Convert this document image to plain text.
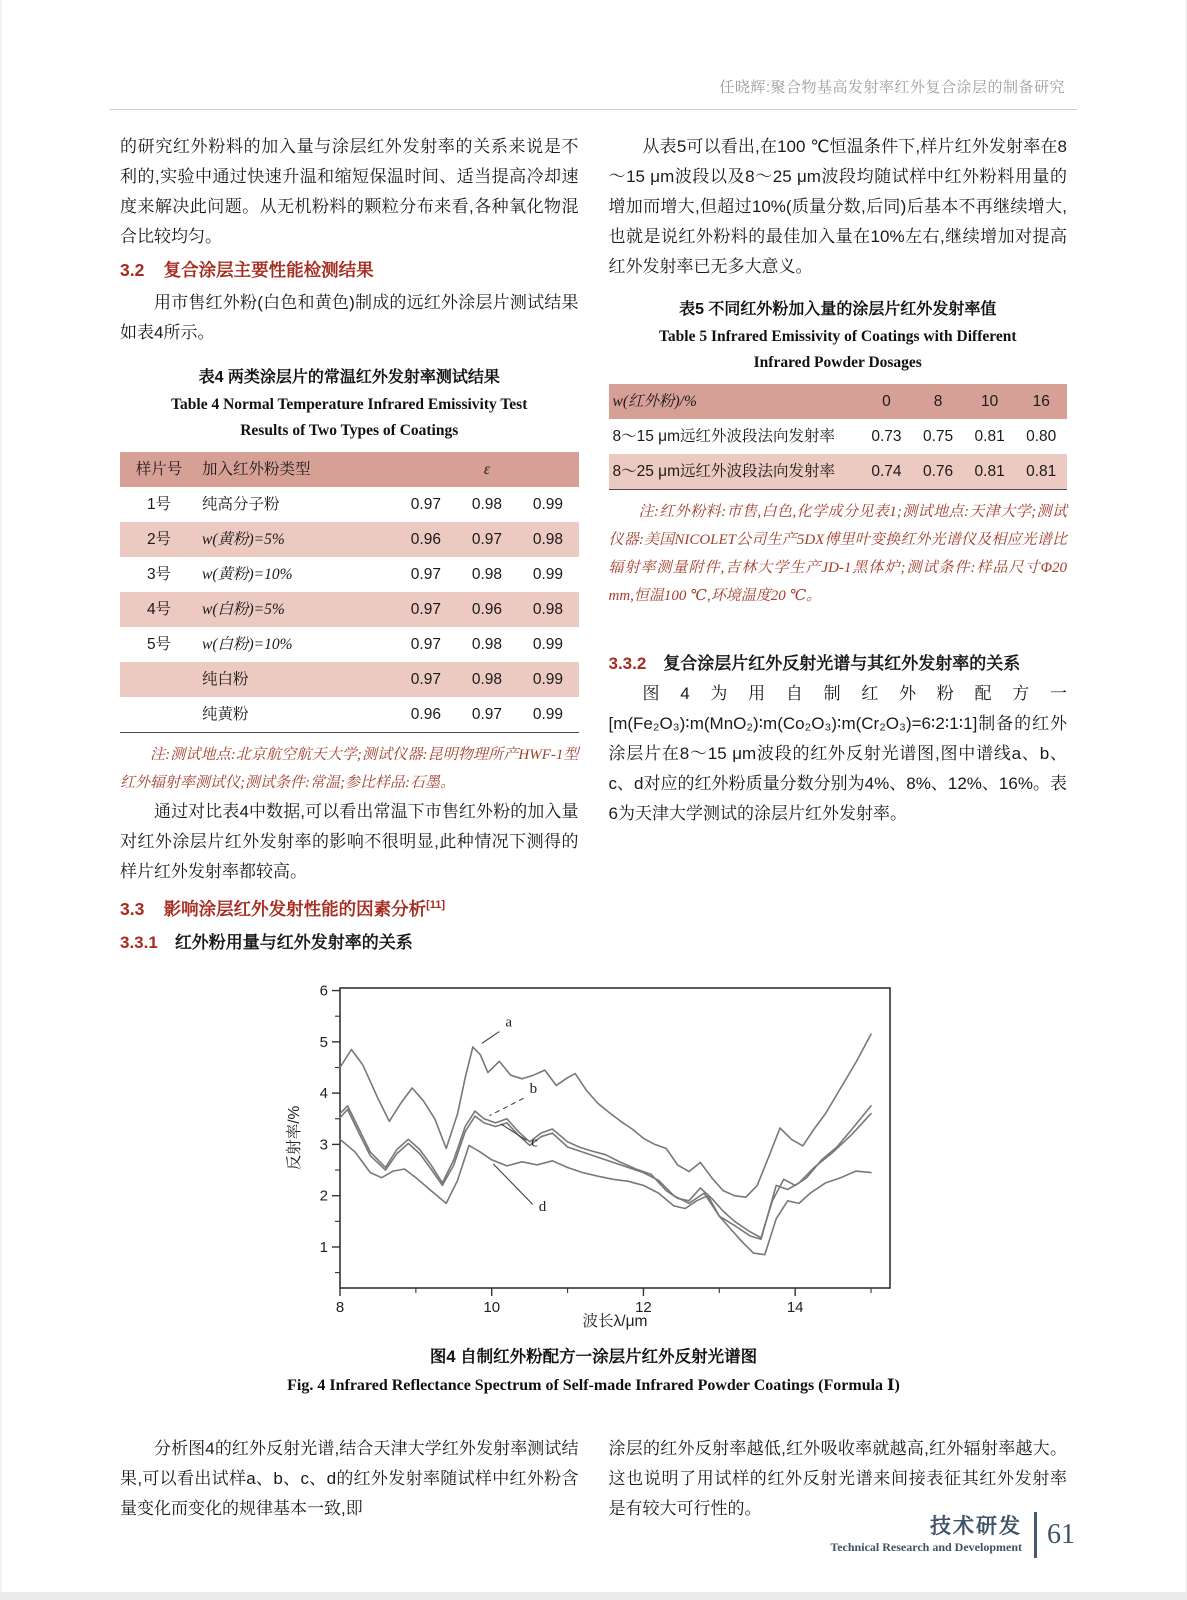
任晓辉:聚合物基高发射率红外复合涂层的制备研究

的研究红外粉料的加入量与涂层红外发射率的关系来说是不利的,实验中通过快速升温和缩短保温时间、适当提高冷却速度来解决此问题。从无机粉料的颗粒分布来看,各种氧化物混合比较均匀。

3.2 复合涂层主要性能检测结果

用市售红外粉(白色和黄色)制成的远红外涂层片测试结果如表4所示。

表4 两类涂层片的常温红外发射率测试结果
Table 4 Normal Temperature Infrared Emissivity Test
Results of Two Types of Coatings
样片号	加入红外粉类型	ε		
1号	纯高分子粉	0.97	0.98	0.99
2号	w(黄粉)=5%	0.96	0.97	0.98
3号	w(黄粉)=10%	0.97	0.98	0.99
4号	w(白粉)=5%	0.97	0.96	0.98
5号	w(白粉)=10%	0.97	0.98	0.99
	纯白粉	0.97	0.98	0.99
	纯黄粉	0.96	0.97	0.99

注:测试地点:北京航空航天大学;测试仪器:昆明物理所产HWF-1型红外辐射率测试仪;测试条件:常温;参比样品:石墨。

通过对比表4中数据,可以看出常温下市售红外粉的加入量对红外涂层片红外发射率的影响不很明显,此种情况下测得的样片红外发射率都较高。

3.3 影响涂层红外发射性能的因素分析[11]
3.3.1 红外粉用量与红外发射率的关系

从表5可以看出,在100 ℃恒温条件下,样片红外发射率在8～15 μm波段以及8～25 μm波段均随试样中红外粉料用量的增加而增大,但超过10%(质量分数,后同)后基本不再继续增大,也就是说红外粉料的最佳加入量在10%左右,继续增加对提高红外发射率已无多大意义。

表5 不同红外粉加入量的涂层片红外发射率值
Table 5 Infrared Emissivity of Coatings with Different
Infrared Powder Dosages
w(红外粉)/%	0	8	10	16
8～15 μm远红外波段法向发射率	0.73	0.75	0.81	0.80
8～25 μm远红外波段法向发射率	0.74	0.76	0.81	0.81

注:红外粉料:市售,白色,化学成分见表1;测试地点:天津大学;测试仪器:美国NICOLET公司生产5DX傅里叶变换红外光谱仪及相应光谱比辐射率测量附件,吉林大学生产JD-1黑体炉;测试条件:样品尺寸Φ20 mm,恒温100 ℃,环境温度20 ℃。

3.3.2 复合涂层片红外反射光谱与其红外发射率的关系

图4为用自制红外粉配方一[m(Fe₂O₃)∶m(MnO₂)∶m(Co₂O₃)∶m(Cr₂O₃)=6∶2∶1∶1]制备的红外涂层片在8～15 μm波段的红外反射光谱图,图中谱线a、b、c、d对应的红外粉质量分数分别为4%、8%、12%、16%。表6为天津大学测试的涂层片红外发射率。

8	10	12	14
1
2
3
4
5
6
a
b
c
d
波长λ/μm
反射率/%
图4 自制红外粉配方一涂层片红外反射光谱图
Fig. 4 Infrared Reflectance Spectrum of Self-made Infrared Powder Coatings (Formula Ⅰ)

分析图4的红外反射光谱,结合天津大学红外发射率测试结果,可以看出试样a、b、c、d的红外发射率随试样中红外粉含量变化而变化的规律基本一致,即

涂层的红外反射率越低,红外吸收率就越高,红外辐射率越大。这也说明了用试样的红外反射光谱来间接表征其红外发射率是有较大可行性的。

技术研发
Technical Research and Development 61
